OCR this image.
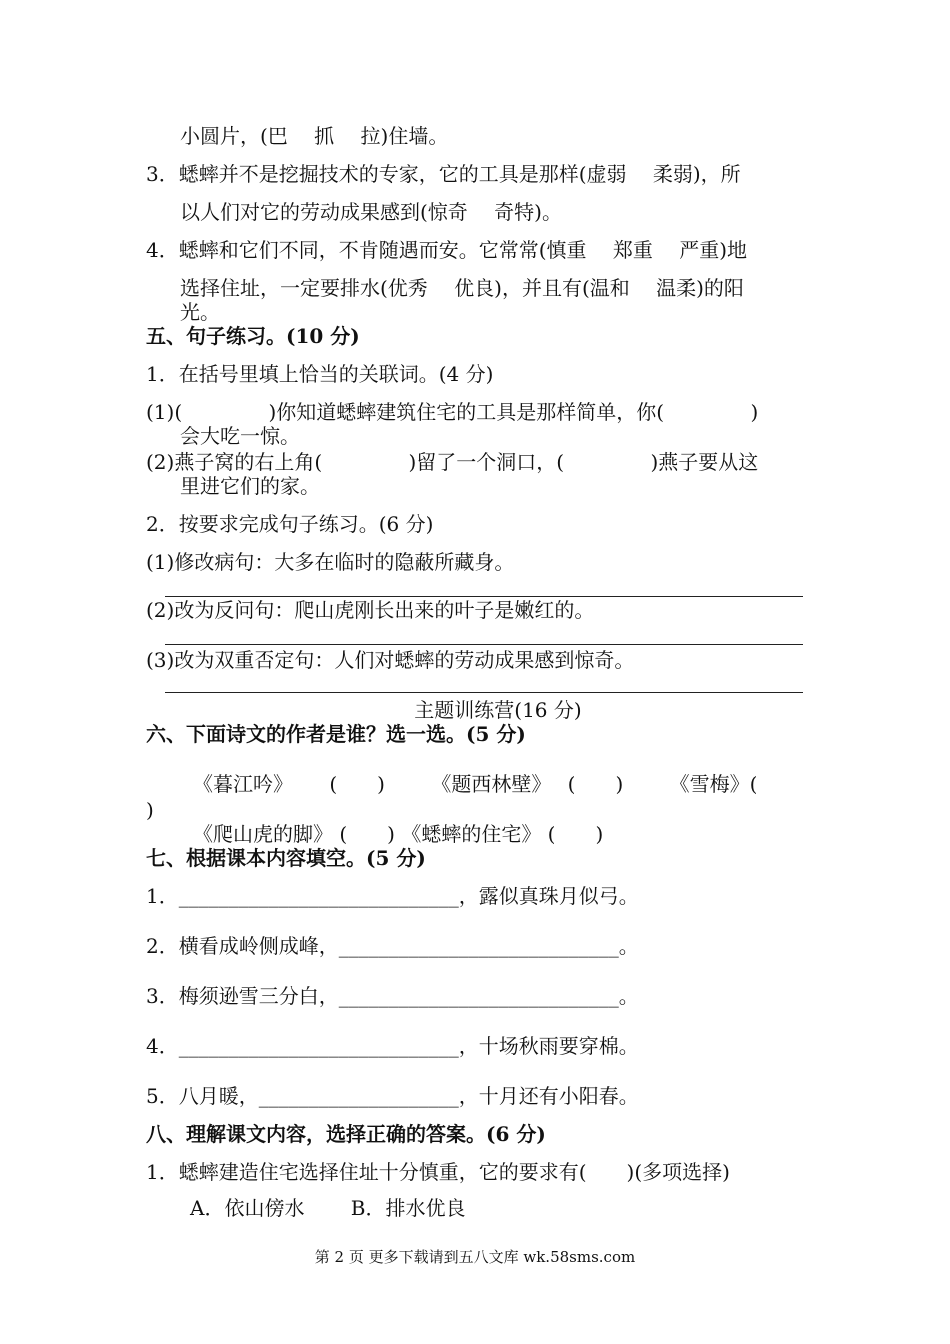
小圆片，(巴　 抓　 拉)住墙。
3．蟋蟀并不是挖掘技术的专家，它的工具是那样(虚弱　 柔弱)，所
以人们对它的劳动成果感到(惊奇　 奇特)。
4．蟋蟀和它们不同，不肯随遇而安。它常常(慎重　 郑重　 严重)地
选择住址，一定要排水(优秀　 优良)，并且有(温和　 温柔)的阳
光。
五、句子练习。(10 分)
1．在括号里填上恰当的关联词。(4 分)
(1)(　　　　 )你知道蟋蟀建筑住宅的工具是那样简单，你(　　　　 )
会大吃一惊。
(2)燕子窝的右上角(　　　　 )留了一个洞口，(　　　　 )燕子要从这
里进它们的家。
2．按要求完成句子练习。(6 分)
(1)修改病句：大多在临时的隐蔽所藏身。
(2)改为反问句：爬山虎刚长出来的叶子是嫩红的。
(3)改为双重否定句：人们对蟋蟀的劳动成果感到惊奇。
主题训练营(16 分)
六、下面诗文的作者是谁？选一选。(5 分)
《暮江吟》　　 (　　)　　 《题西林壁》　 (　　)　　 《雪梅》(
)
《爬山虎的脚》 (　　) 《蟋蟀的住宅》 (　　)
七、根据课本内容填空。(5 分)
1．____________________________，露似真珠月似弓。
2．横看成岭侧成峰，____________________________。
3．梅须逊雪三分白，____________________________。
4．____________________________，十场秋雨要穿棉。
5．八月暖，____________________，十月还有小阳春。
八、理解课文内容，选择正确的答案。(6 分)
1．蟋蟀建造住宅选择住址十分慎重，它的要求有(　　)(多项选择)
A．依山傍水　　 B．排水优良
第 2 页 更多下载请到五八文库 wk.58sms.com
